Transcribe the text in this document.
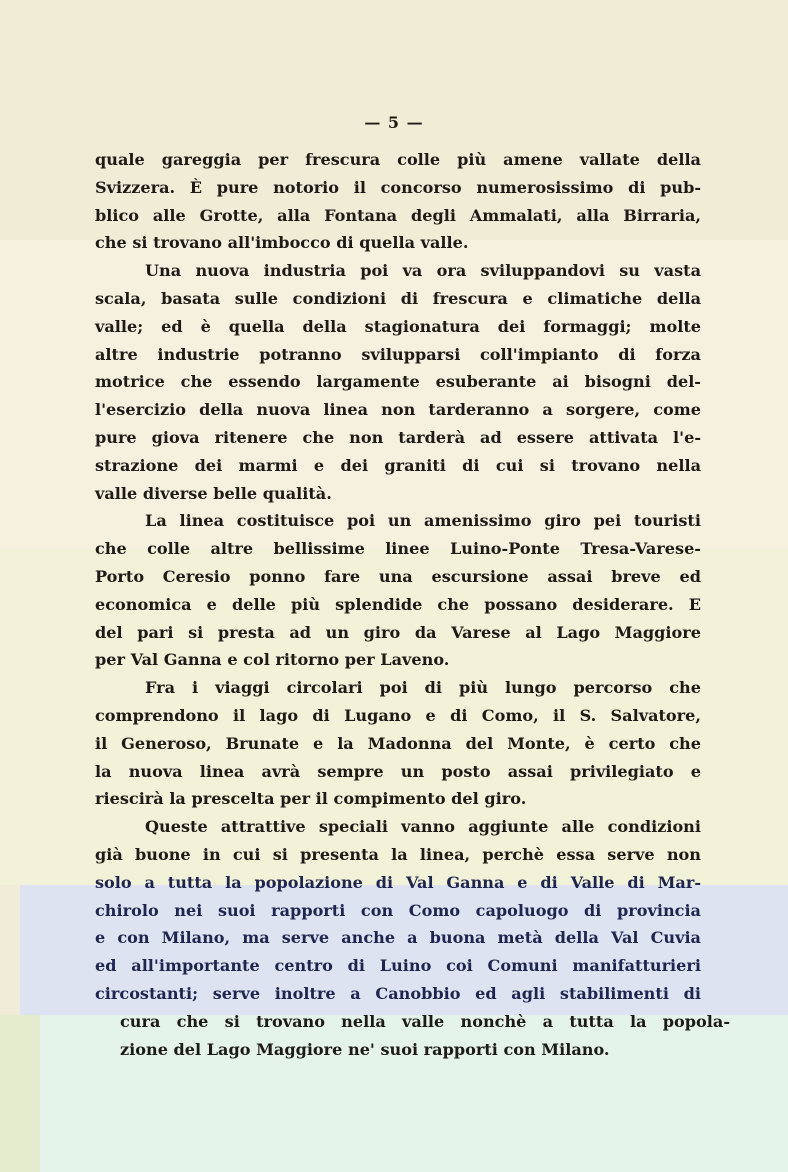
— 5 —
quale gareggia per frescura colle più amene vallate della
Svizzera. È pure notorio il concorso numerosissimo di pub-
blico alle Grotte, alla Fontana degli Ammalati, alla Birraria,
che si trovano all'imbocco di quella valle.
Una nuova industria poi va ora sviluppandovi su vasta
scala, basata sulle condizioni di frescura e climatiche della
valle; ed è quella della stagionatura dei formaggi; molte
altre industrie potranno svilupparsi coll'impianto di forza
motrice che essendo largamente esuberante ai bisogni del-
l'esercizio della nuova linea non tarderanno a sorgere, come
pure giova ritenere che non tarderà ad essere attivata l'e-
strazione dei marmi e dei graniti di cui si trovano nella
valle diverse belle qualità.
La linea costituisce poi un amenissimo giro pei touristi
che colle altre bellissime linee Luino-Ponte Tresa-Varese-
Porto Ceresio ponno fare una escursione assai breve ed
economica e delle più splendide che possano desiderare. E
del pari si presta ad un giro da Varese al Lago Maggiore
per Val Ganna e col ritorno per Laveno.
Fra i viaggi circolari poi di più lungo percorso che
comprendono il lago di Lugano e di Como, il S. Salvatore,
il Generoso, Brunate e la Madonna del Monte, è certo che
la nuova linea avrà sempre un posto assai privilegiato e
riescirà la prescelta per il compimento del giro.
Queste attrattive speciali vanno aggiunte alle condizioni
già buone in cui si presenta la linea, perchè essa serve non
solo a tutta la popolazione di Val Ganna e di Valle di Mar-
chirolo nei suoi rapporti con Como capoluogo di provincia
e con Milano, ma serve anche a buona metà della Val Cuvia
ed all'importante centro di Luino coi Comuni manifatturieri
circostanti; serve inoltre a Canobbio ed agli stabilimenti di
cura che si trovano nella valle nonchè a tutta la popola-
zione del Lago Maggiore ne' suoi rapporti con Milano.
